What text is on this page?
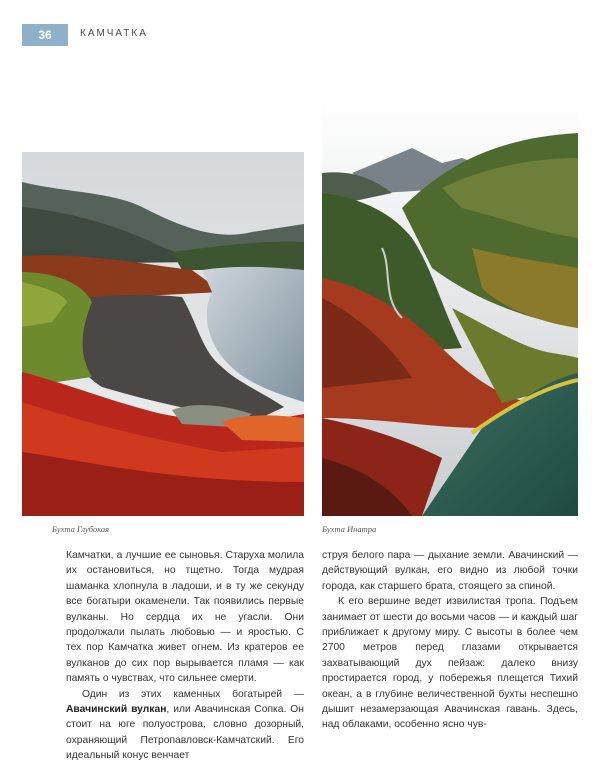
36	КАМЧАТКА
Бухта Глубокая	Бухта Инатра

Камчатки, а лучшие ее сыновья. Старуха молила их остановиться, но тщетно. Тогда мудрая шаманка хлопнула в ладоши, и в ту же секунду все богатыри окаменели. Так появились первые вулканы. Но сердца их не угасли. Они продолжали пылать любовью — и яростью. С тех пор Камчатка живет огнем. Из кратеров ее вулканов до сих пор вырывается пламя — как память о чувствах, что сильнее смерти.

Один из этих каменных богатырей — Авачинский вулкан, или Авачинская Сопка. Он стоит на юге полуострова, словно дозорный, охраняющий Петропавловск-Камчатский. Его идеальный конус венчает

струя белого пара — дыхание земли. Авачинский — действующий вулкан, его видно из любой точки города, как старшего брата, стоящего за спиной.

К его вершине ведет извилистая тропа. Подъем занимает от шести до восьми часов — и каждый шаг приближает к другому миру. С высоты в более чем 2700 метров перед глазами открывается захватывающий дух пейзаж: далеко внизу простирается город, у побережья плещется Тихий океан, а в глубине величественной бухты неспешно дышит незамерзающая Авачинская гавань. Здесь, над облаками, особенно ясно чув-
